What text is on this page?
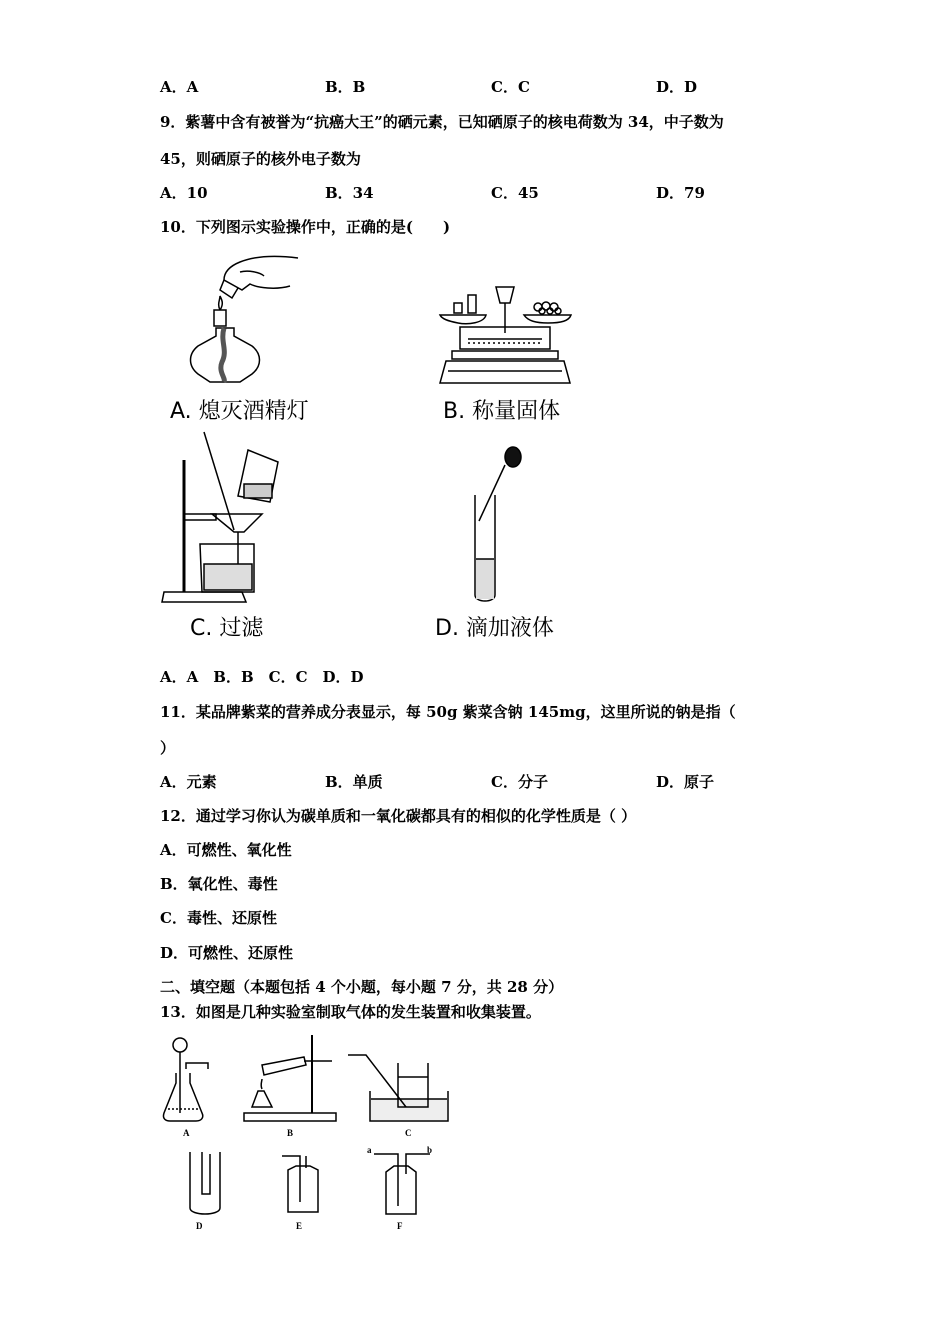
A．A	B．B	C．C	D．D
9．紫薯中含有被誉为“抗癌大王”的硒元素，已知硒原子的核电荷数为 34，中子数为
45，则硒原子的核外电子数为
A．10	B．34	C．45	D．79
10．下列图示实验操作中，正确的是(　　)
A. 熄灭酒精灯	B. 称量固体
C. 过滤	D. 滴加液体
A．A　B．B　C．C　D．D
11．某品牌紫菜的营养成分表显示，每 50g 紫菜含钠 145mg，这里所说的钠是指（
）
A．元素	B．单质	C．分子	D．原子
12．通过学习你认为碳单质和一氧化碳都具有的相似的化学性质是（ ）
A．可燃性、氧化性
B．氧化性、毒性
C．毒性、还原性
D．可燃性、还原性
二、填空题（本题包括 4 个小题，每小题 7 分，共 28 分）
13．如图是几种实验室制取气体的发生装置和收集装置。
A	B	C
D	E
a	b
F
